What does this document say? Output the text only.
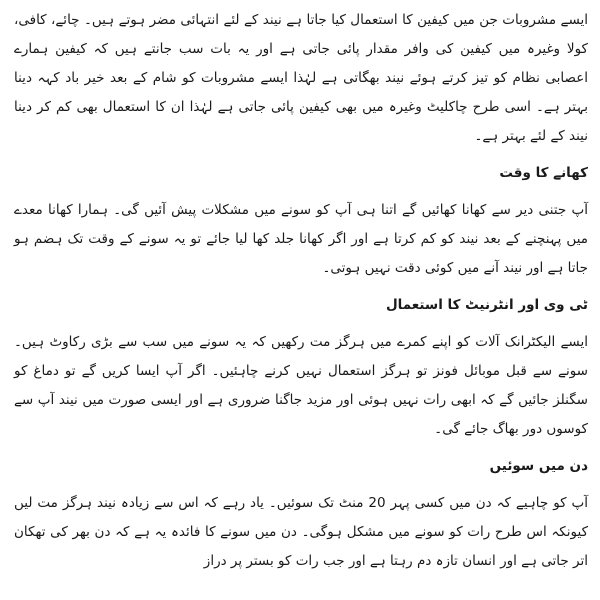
ایسے مشروبات جن میں کیفین کا استعمال کیا جاتا ہے نیند کے لئے انتہائی مضر ہوتے ہیں۔ چائے، کافی، کولا وغیرہ میں کیفین کی وافر مقدار پائی جاتی ہے اور یہ بات سب جانتے ہیں کہ کیفین ہمارے اعصابی نظام کو تیز کرتے ہوئے نیند بھگاتی ہے لہٰذا ایسے مشروبات کو شام کے بعد خیر باد کہہ دینا بہتر ہے۔ اسی طرح چاکلیٹ وغیرہ میں بھی کیفین پائی جاتی ہے لہٰذا ان کا استعمال بھی کم کر دینا نیند کے لئے بہتر ہے۔

کھانے کا وقت

آپ جتنی دیر سے کھانا کھائیں گے اتنا ہی آپ کو سونے میں مشکلات پیش آئیں گی۔ ہمارا کھانا معدے میں پہنچنے کے بعد نیند کو کم کرتا ہے اور اگر کھانا جلد کھا لیا جائے تو یہ سونے کے وقت تک ہضم ہو جاتا ہے اور نیند آنے میں کوئی دقت نہیں ہوتی۔

ٹی وی اور انٹرنیٹ کا استعمال

ایسے الیکٹرانک آلات کو اپنے کمرے میں ہرگز مت رکھیں کہ یہ سونے میں سب سے بڑی رکاوٹ ہیں۔ سونے سے قبل موبائل فونز تو ہرگز استعمال نہیں کرنے چاہئیں۔ اگر آپ ایسا کریں گے تو دماغ کو سگنلز جائیں گے کہ ابھی رات نہیں ہوئی اور مزید جاگنا ضروری ہے اور ایسی صورت میں نیند آپ سے کوسوں دور بھاگ جائے گی۔

دن میں سوئیں

آپ کو چاہیے کہ دن میں کسی پہر 20 منٹ تک سوئیں۔ یاد رہے کہ اس سے زیادہ نیند ہرگز مت لیں کیونکہ اس طرح رات کو سونے میں مشکل ہوگی۔ دن میں سونے کا فائدہ یہ ہے کہ دن بھر کی تھکان اتر جاتی ہے اور انسان تازہ دم رہتا ہے اور جب رات کو بستر پر دراز
